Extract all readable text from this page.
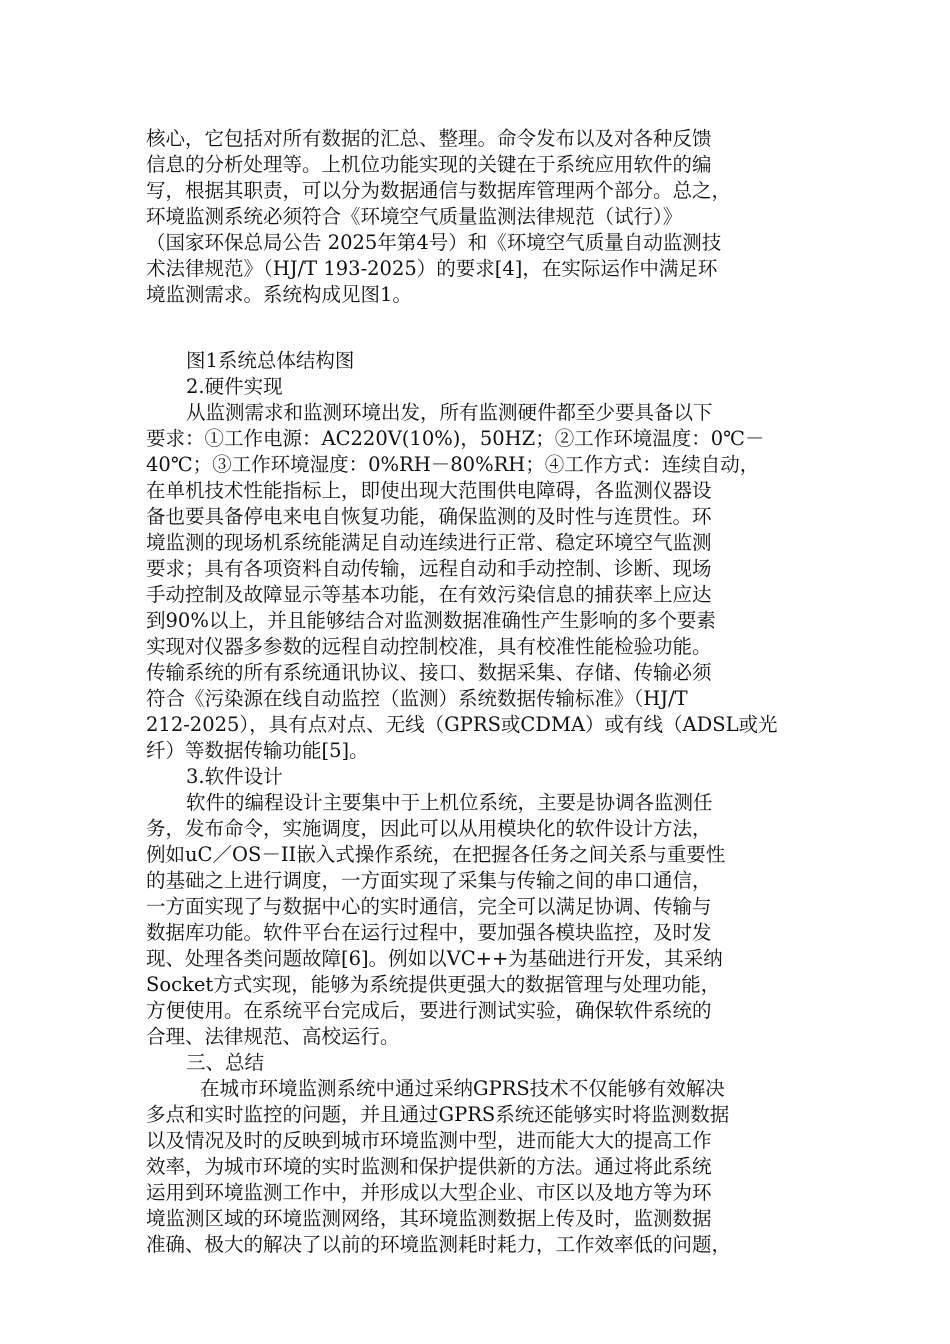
核心，它包括对所有数据的汇总、整理。命令发布以及对各种反馈
信息的分析处理等。上机位功能实现的关键在于系统应用软件的编
写，根据其职责，可以分为数据通信与数据库管理两个部分。总之，
环境监测系统必须符合《环境空气质量监测法律规范（试行）》
（国家环保总局公告 2025年第4号）和《环境空气质量自动监测技
术法律规范》（HJ/T 193-2025）的要求[4]，在实际运作中满足环
境监测需求。系统构成见图1。
图1系统总体结构图
2.硬件实现
从监测需求和监测环境出发，所有监测硬件都至少要具备以下
要求：①工作电源：AC220V(10%)，50HZ；②工作环境温度：0℃－
40℃；③工作环境湿度：0%RH－80%RH；④工作方式：连续自动，
在单机技术性能指标上，即使出现大范围供电障碍，各监测仪器设
备也要具备停电来电自恢复功能，确保监测的及时性与连贯性。环
境监测的现场机系统能满足自动连续进行正常、稳定环境空气监测
要求；具有各项资料自动传输，远程自动和手动控制、诊断、现场
手动控制及故障显示等基本功能，在有效污染信息的捕获率上应达
到90%以上，并且能够结合对监测数据准确性产生影响的多个要素
实现对仪器多参数的远程自动控制校准，具有校准性能检验功能。
传输系统的所有系统通讯协议、接口、数据采集、存储、传输必须
符合《污染源在线自动监控（监测）系统数据传输标准》（HJ/T
212-2025），具有点对点、无线（GPRS或CDMA）或有线（ADSL或光
纤）等数据传输功能[5]。
3.软件设计
软件的编程设计主要集中于上机位系统，主要是协调各监测任
务，发布命令，实施调度，因此可以从用模块化的软件设计方法，
例如uC／OS－II嵌入式操作系统，在把握各任务之间关系与重要性
的基础之上进行调度，一方面实现了采集与传输之间的串口通信，
一方面实现了与数据中心的实时通信，完全可以满足协调、传输与
数据库功能。软件平台在运行过程中，要加强各模块监控，及时发
现、处理各类问题故障[6]。例如以VC++为基础进行开发，其采纳
Socket方式实现，能够为系统提供更强大的数据管理与处理功能，
方便使用。在系统平台完成后，要进行测试实验，确保软件系统的
合理、法律规范、高校运行。
三、总结
在城市环境监测系统中通过采纳GPRS技术不仅能够有效解决
多点和实时监控的问题，并且通过GPRS系统还能够实时将监测数据
以及情况及时的反映到城市环境监测中型，进而能大大的提高工作
效率，为城市环境的实时监测和保护提供新的方法。通过将此系统
运用到环境监测工作中，并形成以大型企业、市区以及地方等为环
境监测区域的环境监测网络，其环境监测数据上传及时，监测数据
准确、极大的解决了以前的环境监测耗时耗力，工作效率低的问题，
